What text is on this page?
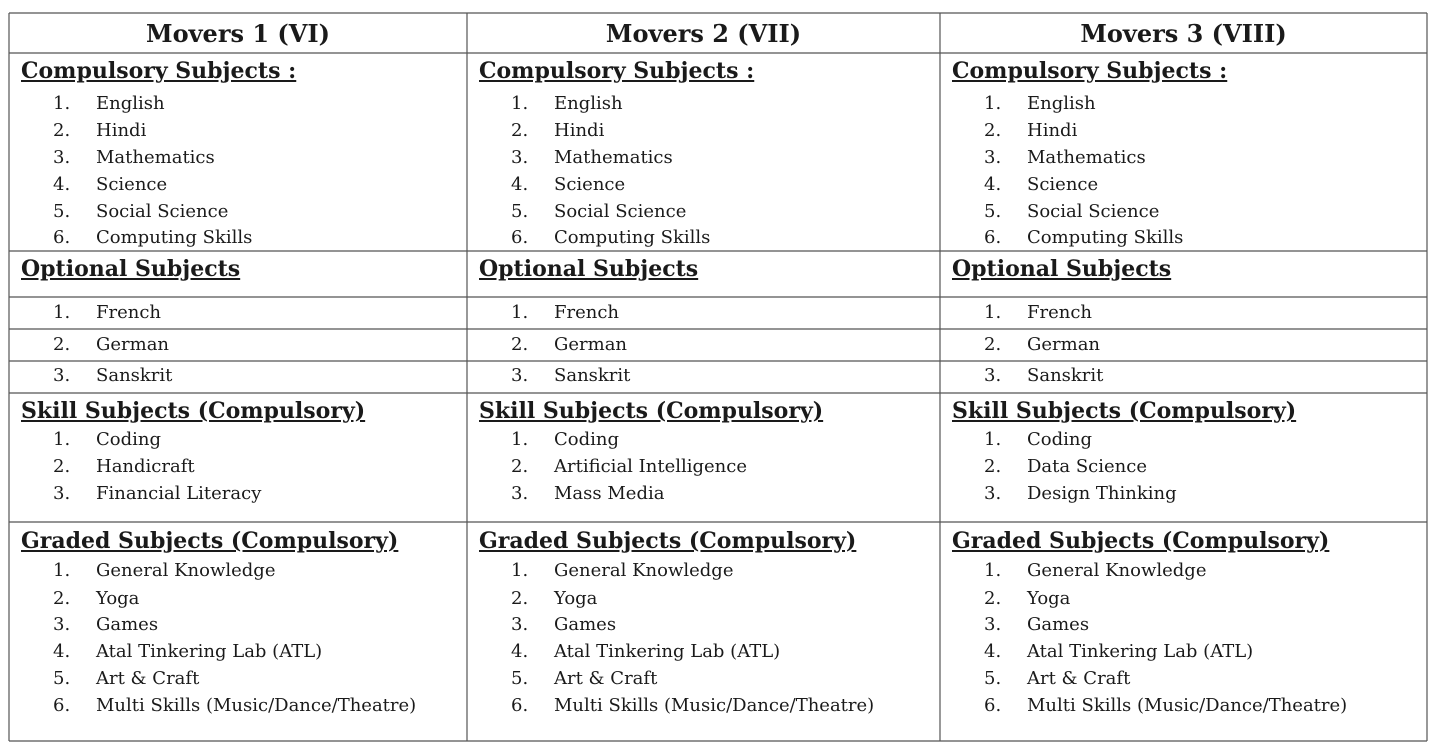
Movers 1 (VI)
Compulsory Subjects :
1. English
2. Hindi
3. Mathematics
4. Science
5. Social Science
6. Computing Skills
Optional Subjects
1. French
2. German
3. Sanskrit
Skill Subjects (Compulsory)
1. Coding
2. Handicraft
3. Financial Literacy
Graded Subjects (Compulsory)
1. General Knowledge
2. Yoga
3. Games
4. Atal Tinkering Lab (ATL)
5. Art & Craft
6. Multi Skills (Music/Dance/Theatre)
Movers 2 (VII)
Compulsory Subjects :
1. English
2. Hindi
3. Mathematics
4. Science
5. Social Science
6. Computing Skills
Optional Subjects
1. French
2. German
3. Sanskrit
Skill Subjects (Compulsory)
1. Coding
2. Artificial Intelligence
3. Mass Media
Graded Subjects (Compulsory)
1. General Knowledge
2. Yoga
3. Games
4. Atal Tinkering Lab (ATL)
5. Art & Craft
6. Multi Skills (Music/Dance/Theatre)
Movers 3 (VIII)
Compulsory Subjects :
1. English
2. Hindi
3. Mathematics
4. Science
5. Social Science
6. Computing Skills
Optional Subjects
1. French
2. German
3. Sanskrit
Skill Subjects (Compulsory)
1. Coding
2. Data Science
3. Design Thinking
Graded Subjects (Compulsory)
1. General Knowledge
2. Yoga
3. Games
4. Atal Tinkering Lab (ATL)
5. Art & Craft
6. Multi Skills (Music/Dance/Theatre)
